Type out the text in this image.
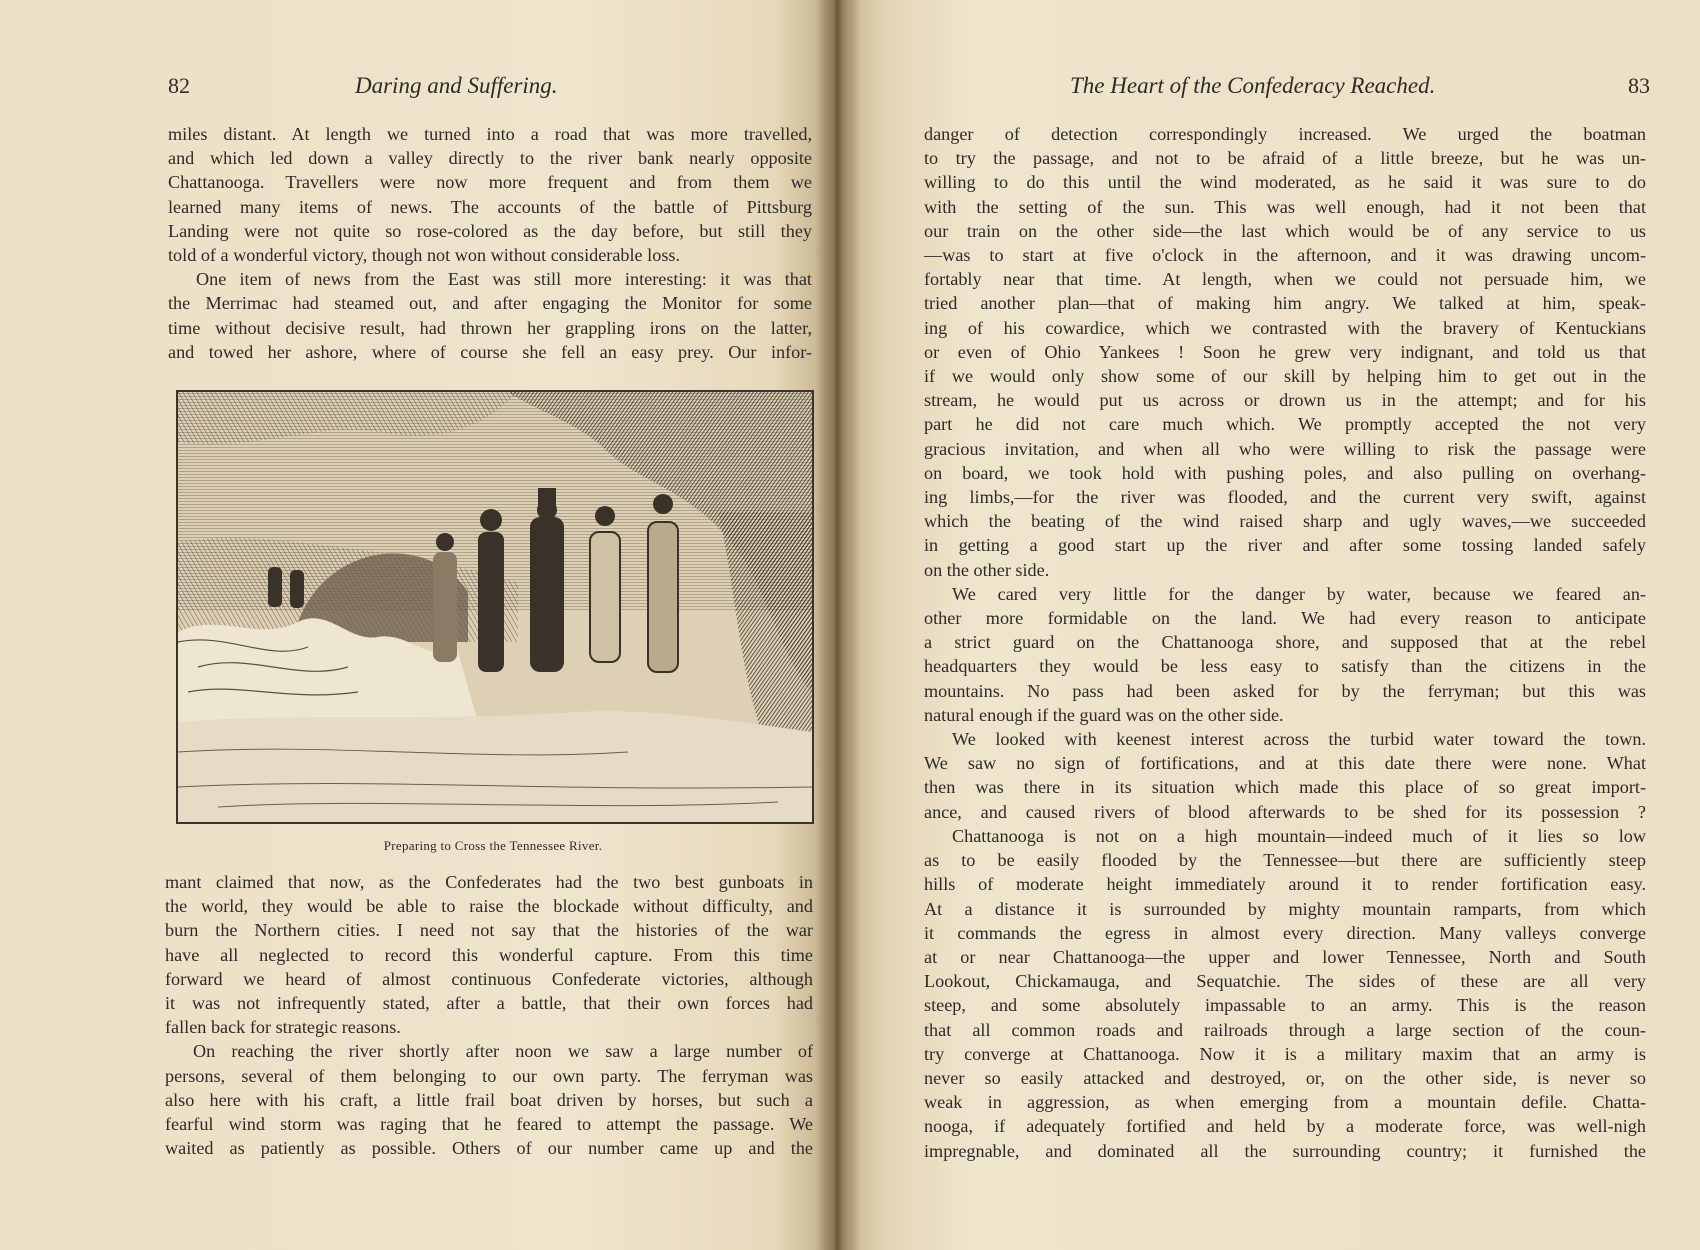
82	Daring and Suffering.

miles distant. At length we turned into a road that was more travelled,

and which led down a valley directly to the river bank nearly opposite

Chattanooga. Travellers were now more frequent and from them we

learned many items of news. The accounts of the battle of Pittsburg

Landing were not quite so rose-colored as the day before, but still they

told of a wonderful victory, though not won without considerable loss.

One item of news from the East was still more interesting: it was that

the Merrimac had steamed out, and after engaging the Monitor for some

time without decisive result, had thrown her grappling irons on the latter,

and towed her ashore, where of course she fell an easy prey. Our infor-

Preparing to Cross the Tennessee River.

mant claimed that now, as the Confederates had the two best gunboats in

the world, they would be able to raise the blockade without difficulty, and

burn the Northern cities. I need not say that the histories of the war

have all neglected to record this wonderful capture. From this time

forward we heard of almost continuous Confederate victories, although

it was not infrequently stated, after a battle, that their own forces had

fallen back for strategic reasons.

On reaching the river shortly after noon we saw a large number of

persons, several of them belonging to our own party. The ferryman was

also here with his craft, a little frail boat driven by horses, but such a

fearful wind storm was raging that he feared to attempt the passage. We

waited as patiently as possible. Others of our number came up and the

The Heart of the Confederacy Reached.	83

danger of detection correspondingly increased. We urged the boatman

to try the passage, and not to be afraid of a little breeze, but he was un-

willing to do this until the wind moderated, as he said it was sure to do

with the setting of the sun. This was well enough, had it not been that

our train on the other side—the last which would be of any service to us

—was to start at five o'clock in the afternoon, and it was drawing uncom-

fortably near that time. At length, when we could not persuade him, we

tried another plan—that of making him angry. We talked at him, speak-

ing of his cowardice, which we contrasted with the bravery of Kentuckians

or even of Ohio Yankees ! Soon he grew very indignant, and told us that

if we would only show some of our skill by helping him to get out in the

stream, he would put us across or drown us in the attempt; and for his

part he did not care much which. We promptly accepted the not very

gracious invitation, and when all who were willing to risk the passage were

on board, we took hold with pushing poles, and also pulling on overhang-

ing limbs,—for the river was flooded, and the current very swift, against

which the beating of the wind raised sharp and ugly waves,—we succeeded

in getting a good start up the river and after some tossing landed safely

on the other side.

We cared very little for the danger by water, because we feared an-

other more formidable on the land. We had every reason to anticipate

a strict guard on the Chattanooga shore, and supposed that at the rebel

headquarters they would be less easy to satisfy than the citizens in the

mountains. No pass had been asked for by the ferryman; but this was

natural enough if the guard was on the other side.

We looked with keenest interest across the turbid water toward the town.

We saw no sign of fortifications, and at this date there were none. What

then was there in its situation which made this place of so great import-

ance, and caused rivers of blood afterwards to be shed for its possession ?

Chattanooga is not on a high mountain—indeed much of it lies so low

as to be easily flooded by the Tennessee—but there are sufficiently steep

hills of moderate height immediately around it to render fortification easy.

At a distance it is surrounded by mighty mountain ramparts, from which

it commands the egress in almost every direction. Many valleys converge

at or near Chattanooga—the upper and lower Tennessee, North and South

Lookout, Chickamauga, and Sequatchie. The sides of these are all very

steep, and some absolutely impassable to an army. This is the reason

that all common roads and railroads through a large section of the coun-

try converge at Chattanooga. Now it is a military maxim that an army is

never so easily attacked and destroyed, or, on the other side, is never so

weak in aggression, as when emerging from a mountain defile. Chatta-

nooga, if adequately fortified and held by a moderate force, was well-nigh

impregnable, and dominated all the surrounding country; it furnished the
